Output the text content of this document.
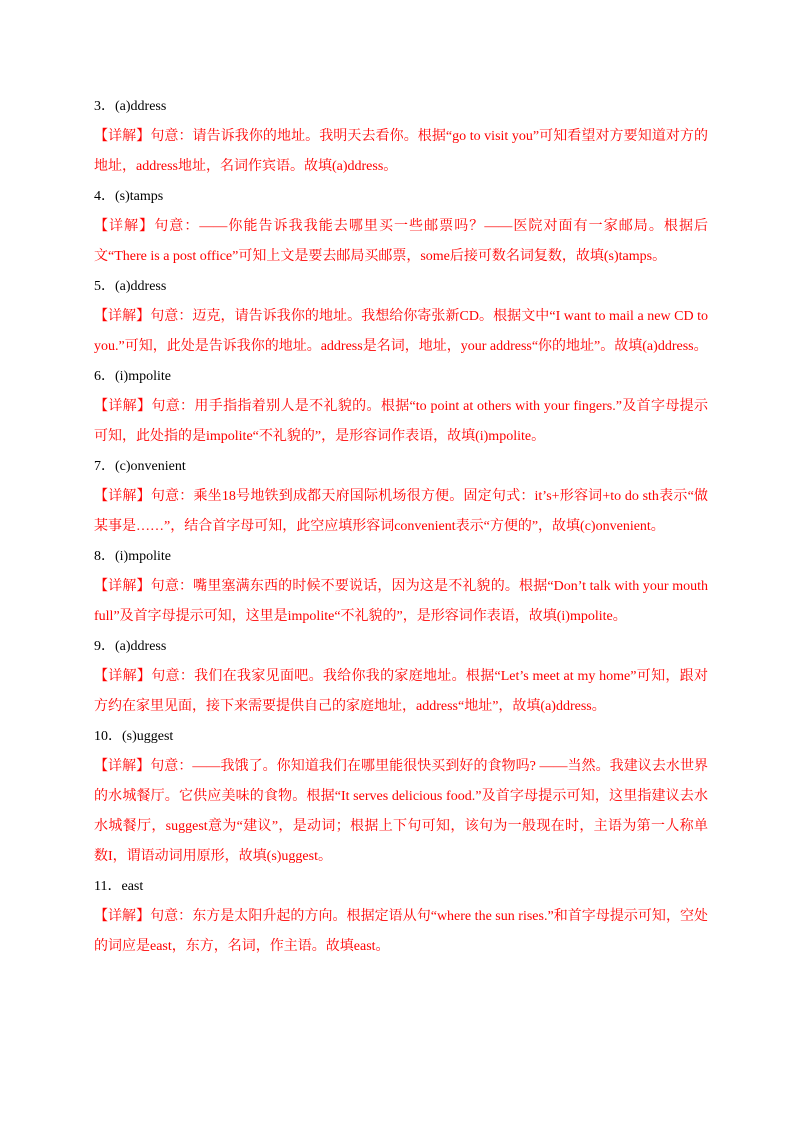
3．(a)ddress

【详解】句意：请告诉我你的地址。我明天去看你。根据“go to visit you”可知看望对方要知道对方的地址，address地址，名词作宾语。故填(a)ddress。

4．(s)tamps

【详解】句意：——你能告诉我我能去哪里买一些邮票吗？——医院对面有一家邮局。根据后文“There is a post office”可知上文是要去邮局买邮票，some后接可数名词复数，故填(s)tamps。

5．(a)ddress

【详解】句意：迈克，请告诉我你的地址。我想给你寄张新CD。根据文中“I want to mail a new CD to you.”可知，此处是告诉我你的地址。address是名词，地址，your address“你的地址”。故填(a)ddress。

6．(i)mpolite

【详解】句意：用手指指着别人是不礼貌的。根据“to point at others with your fingers.”及首字母提示可知，此处指的是impolite“不礼貌的”，是形容词作表语，故填(i)mpolite。

7．(c)onvenient

【详解】句意：乘坐18号地铁到成都天府国际机场很方便。固定句式：it’s+形容词+to do sth表示“做某事是……”，结合首字母可知，此空应填形容词convenient表示“方便的”，故填(c)onvenient。

8．(i)mpolite

【详解】句意：嘴里塞满东西的时候不要说话，因为这是不礼貌的。根据“Don’t talk with your mouth full”及首字母提示可知，这里是impolite“不礼貌的”，是形容词作表语，故填(i)mpolite。

9．(a)ddress

【详解】句意：我们在我家见面吧。我给你我的家庭地址。根据“Let’s meet at my home”可知，跟对方约在家里见面，接下来需要提供自己的家庭地址，address“地址”，故填(a)ddress。

10．(s)uggest

【详解】句意：——我饿了。你知道我们在哪里能很快买到好的食物吗? ——当然。我建议去水世界的水城餐厅。它供应美味的食物。根据“It serves delicious food.”及首字母提示可知，这里指建议去水水城餐厅，suggest意为“建议”，是动词；根据上下句可知，该句为一般现在时，主语为第一人称单数I，谓语动词用原形，故填(s)uggest。

11．east

【详解】句意：东方是太阳升起的方向。根据定语从句“where the sun rises.”和首字母提示可知，空处的词应是east，东方，名词，作主语。故填east。
